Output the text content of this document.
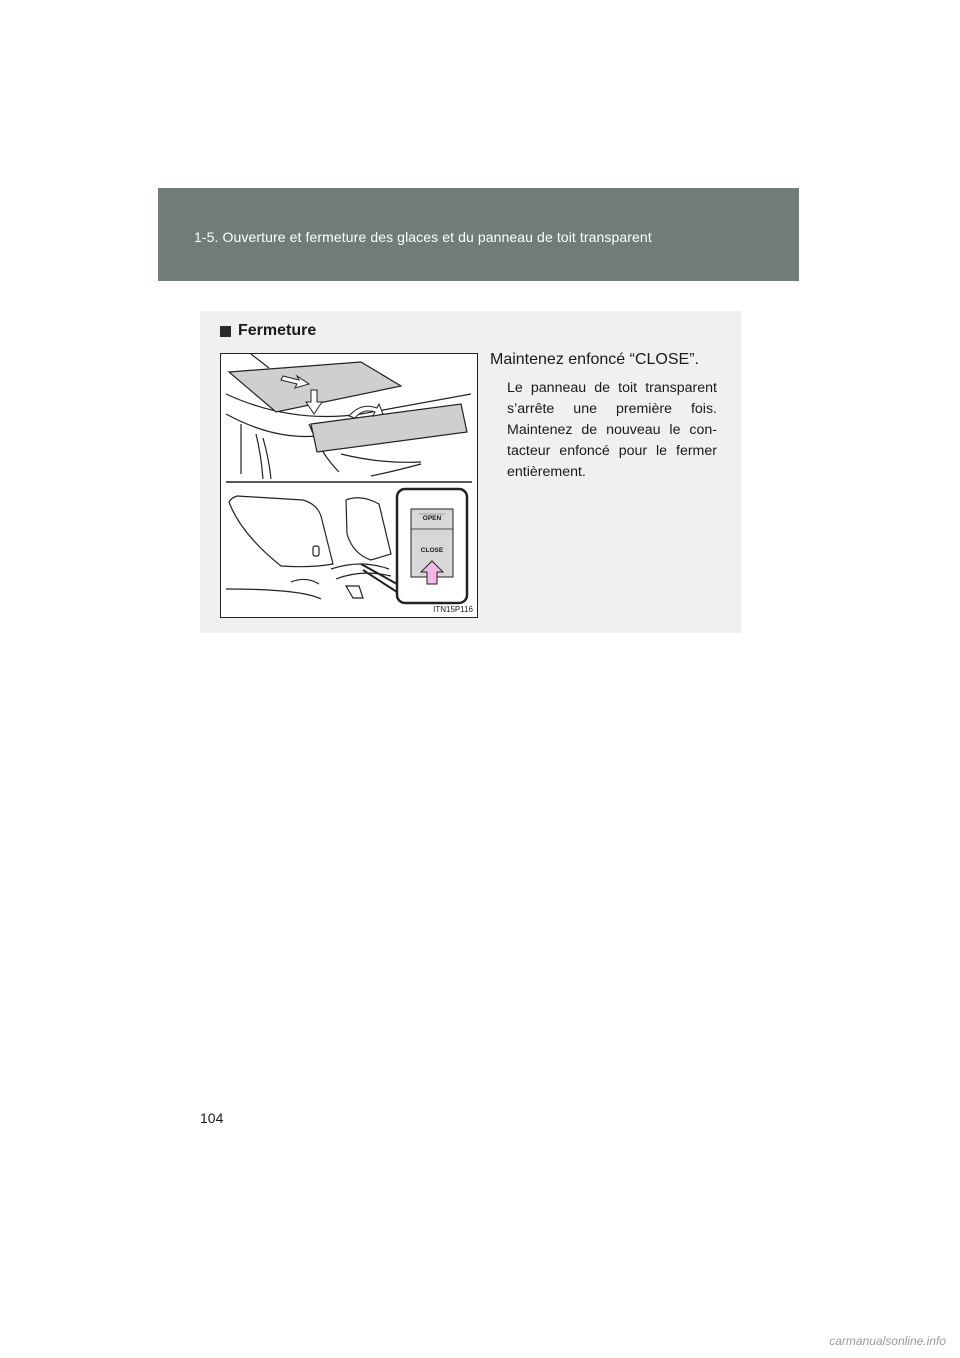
1-5. Ouverture et fermeture des glaces et du panneau de toit transparent
Fermeture
OPEN
CLOSE
ITN15P116
Maintenez enfoncé “CLOSE”.
Le panneau de toit transparent s’arrête une première fois. Maintenez de nouveau le con-tacteur enfoncé pour le fermer entièrement.
104
carmanualsonline.info
